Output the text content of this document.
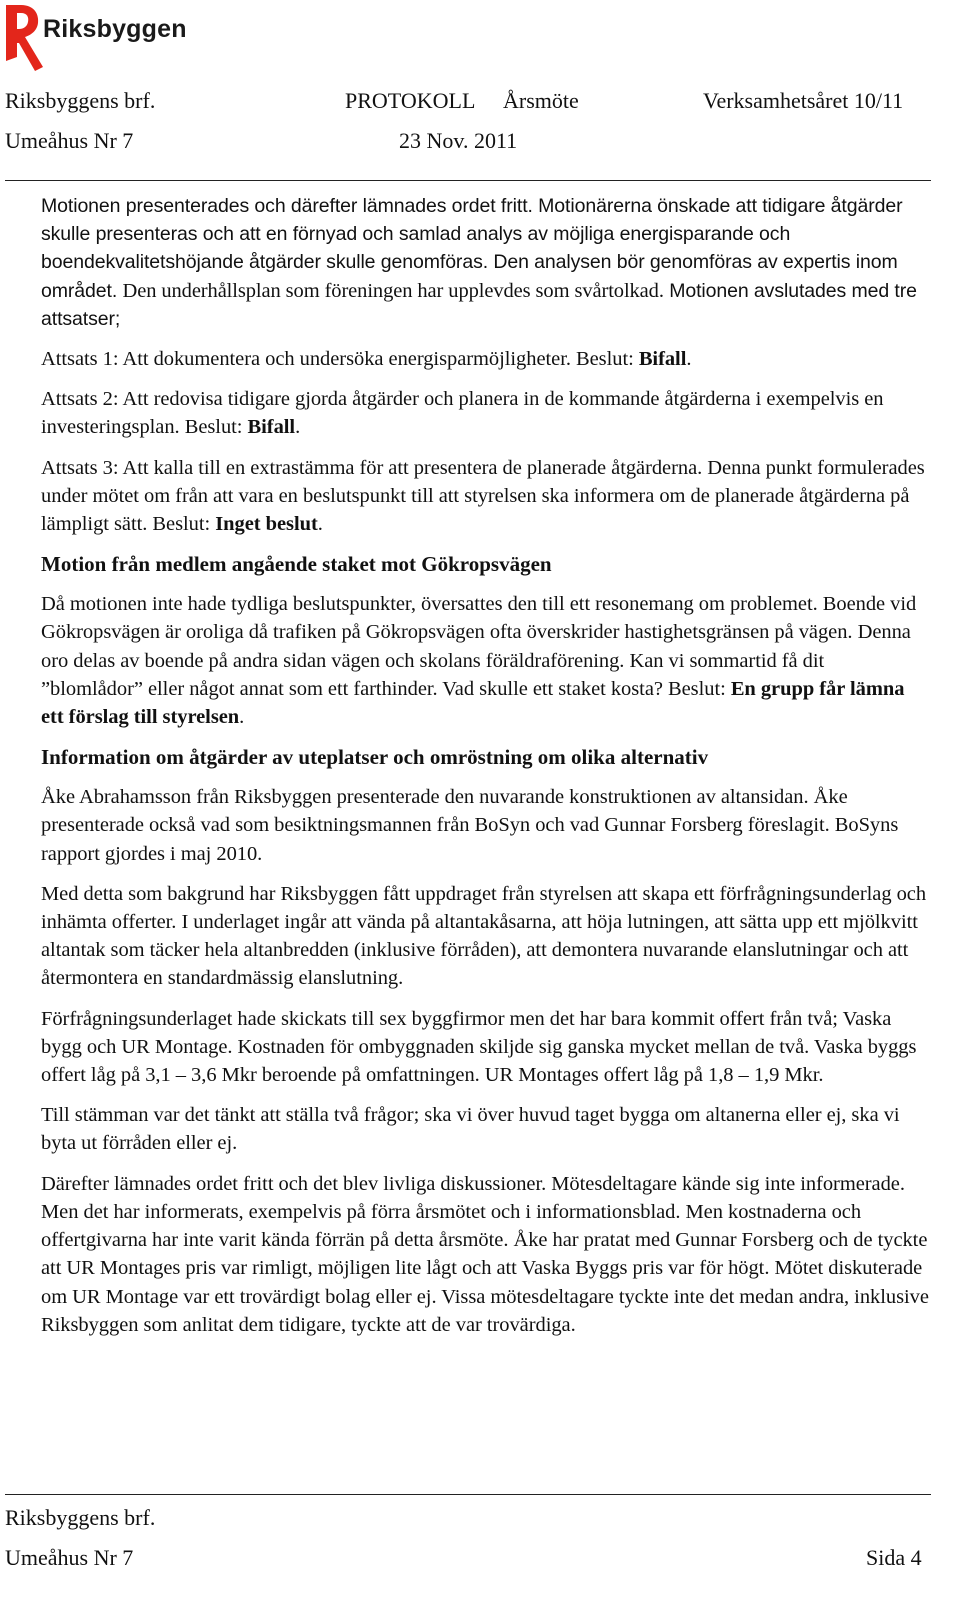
Riksbyggen
Riksbyggens brf.	PROTOKOLL Årsmöte	Verksamhetsåret 10/11
Umeåhus Nr 7	23 Nov. 2011

Motionen presenterades och därefter lämnades ordet fritt. Motionärerna önskade att tidigare åtgärder skulle presenteras och att en förnyad och samlad analys av möjliga energisparande och boendekvalitetshöjande åtgärder skulle genomföras. Den analysen bör genomföras av expertis inom området. Den underhållsplan som föreningen har upplevdes som svårtolkad. Motionen avslutades med tre attsatser;

Attsats 1: Att dokumentera och undersöka energisparmöjligheter. Beslut: Bifall.

Attsats 2: Att redovisa tidigare gjorda åtgärder och planera in de kommande åtgärderna i exempelvis en investeringsplan. Beslut: Bifall.

Attsats 3: Att kalla till en extrastämma för att presentera de planerade åtgärderna. Denna punkt formulerades under mötet om från att vara en beslutspunkt till att styrelsen ska informera om de planerade åtgärderna på lämpligt sätt. Beslut: Inget beslut.

Motion från medlem angående staket mot Gökropsvägen

Då motionen inte hade tydliga beslutspunkter, översattes den till ett resonemang om problemet. Boende vid Gökropsvägen är oroliga då trafiken på Gökropsvägen ofta överskrider hastighetsgränsen på vägen. Denna oro delas av boende på andra sidan vägen och skolans föräldraförening. Kan vi sommartid få dit ”blomlådor” eller något annat som ett farthinder. Vad skulle ett staket kosta? Beslut: En grupp får lämna ett förslag till styrelsen.

Information om åtgärder av uteplatser och omröstning om olika alternativ

Åke Abrahamsson från Riksbyggen presenterade den nuvarande konstruktionen av altansidan. Åke presenterade också vad som besiktningsmannen från BoSyn och vad Gunnar Forsberg föreslagit. BoSyns rapport gjordes i maj 2010.

Med detta som bakgrund har Riksbyggen fått uppdraget från styrelsen att skapa ett förfrågningsunderlag och inhämta offerter. I underlaget ingår att vända på altantakåsarna, att höja lutningen, att sätta upp ett mjölkvitt altantak som täcker hela altanbredden (inklusive förråden), att demontera nuvarande elanslutningar och att återmontera en standardmässig elanslutning.

Förfrågningsunderlaget hade skickats till sex byggfirmor men det har bara kommit offert från två; Vaska bygg och UR Montage. Kostnaden för ombyggnaden skiljde sig ganska mycket mellan de två. Vaska byggs offert låg på 3,1 – 3,6 Mkr beroende på omfattningen. UR Montages offert låg på 1,8 – 1,9 Mkr.

Till stämman var det tänkt att ställa två frågor; ska vi över huvud taget bygga om altanerna eller ej, ska vi byta ut förråden eller ej.

Därefter lämnades ordet fritt och det blev livliga diskussioner. Mötesdeltagare kände sig inte informerade. Men det har informerats, exempelvis på förra årsmötet och i informationsblad. Men kostnaderna och offertgivarna har inte varit kända förrän på detta årsmöte. Åke har pratat med Gunnar Forsberg och de tyckte att UR Montages pris var rimligt, möjligen lite lågt och att Vaska Byggs pris var för högt. Mötet diskuterade om UR Montage var ett trovärdigt bolag eller ej. Vissa mötesdeltagare tyckte inte det medan andra, inklusive Riksbyggen som anlitat dem tidigare, tyckte att de var trovärdiga.

Riksbyggens brf.
Umeåhus Nr 7	Sida 4
